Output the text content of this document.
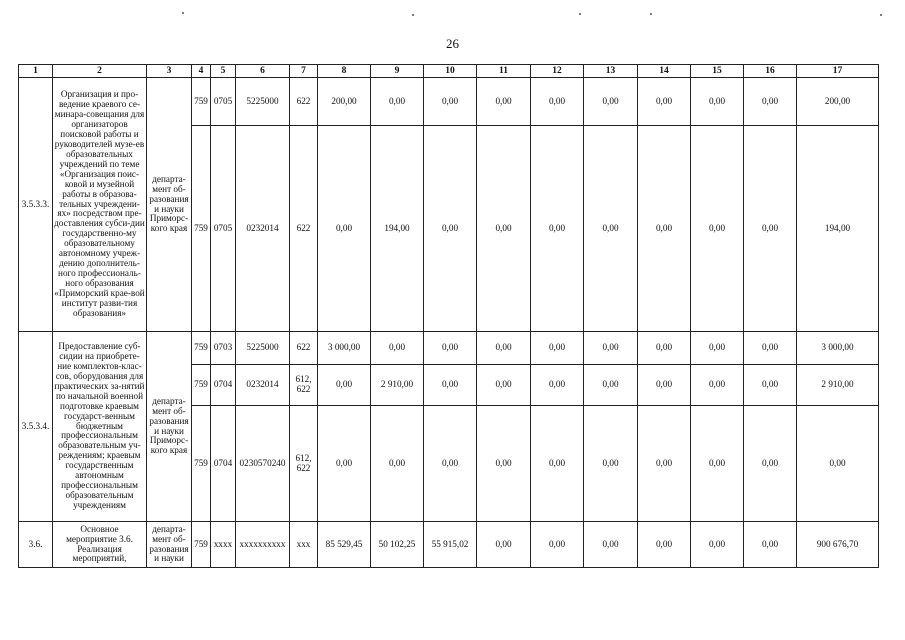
26
1	2	3	4	5	6	7	8	9	10	11	12	13	14	15	16	17
3.5.3.3.	Организация и про-ведение краевого се-минара-совещания для организаторов поисковой работы и руководителей музе-ев образовательных учреждений по теме «Организация поис-ковой и музейной работы в образова-тельных учреждени-ях» посредством пре-доставления субси-дии государственно-му образовательному автономному учреж-дению дополнитель-ного профессиональ-ного образования «Приморский крае-вой институт разви-тия образования»	департа-мент об-разования и науки Приморс-кого края	759	0705	5225000	622	200,00	0,00	0,00	0,00	0,00	0,00	0,00	0,00	0,00	200,00
			759	0705	0232014	622	0,00	194,00	0,00	0,00	0,00	0,00	0,00	0,00	0,00	194,00
3.5.3.4.	Предоставление суб-сидии на приобрете-ние комплектов-клас-сов, оборудования для практических за-нятий по начальной военной подготовке краевым государст-венным бюджетным профессиональным образовательным уч-реждениям; краевым государственным автономным профессиональным образовательным учреждениям	департа-мент об-разования и науки Приморс-кого края	759	0703	5225000	622	3 000,00	0,00	0,00	0,00	0,00	0,00	0,00	0,00	0,00	3 000,00
			759	0704	0232014	612, 622	0,00	2 910,00	0,00	0,00	0,00	0,00	0,00	0,00	0,00	2 910,00
			759	0704	0230570240	612, 622	0,00	0,00	0,00	0,00	0,00	0,00	0,00	0,00	0,00	0,00
3.6.	Основное мероприятие 3.6. Реализация мероприятий,	департа-мент об-разования и науки	759	xxxx	xxxxxxxxxx	xxx	85 529,45	50 102,25	55 915,02	0,00	0,00	0,00	0,00	0,00	0,00	900 676,70
